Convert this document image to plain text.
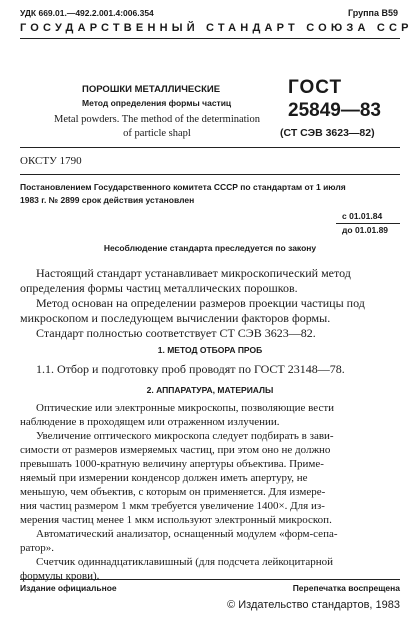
УДК 669.01.—492.2.001.4:006.354	Группа В59
ГОСУДАРСТВЕННЫЙ СТАНДАРТ СОЮЗА ССР
ПОРОШКИ МЕТАЛЛИЧЕСКИЕ
Метод определения формы частиц
Metal powders. The method of the determination
of particle shapl
ГОСТ
25849—83
(СТ СЭВ 3623—82)
ОКСТУ 1790
Постановлением Государственного комитета СССР по стандартам от 1 июля
1983 г. № 2899 срок действия установлен
с 01.01.84
до 01.01.89
Несоблюдение стандарта преследуется по закону

Настоящий стандарт устанавливает микроскопический метод
определения формы частиц металлических порошков.

Метод основан на определении размеров проекции частицы под
микроскопом и последующем вычислении факторов формы.

Стандарт полностью соответствует СТ СЭВ 3623—82.

1. МЕТОД ОТБОРА ПРОБ
1.1. Отбор и подготовку проб проводят по ГОСТ 23148—78.
2. АППАРАТУРА, МАТЕРИАЛЫ

Оптические или электронные микроскопы, позволяющие вести
наблюдение в проходящем или отраженном излучении.

Увеличение оптического микроскопа следует подбирать в зави-
симости от размеров измеряемых частиц, при этом оно не должно
превышать 1000-кратную величину апертуры объектива. Приме-
няемый при измерении конденсор должен иметь апертуру, не
меньшую, чем объектив, с которым он применяется. Для измере-
ния частиц размером 1 мкм требуется увеличение 1400×. Для из-
мерения частиц менее 1 мкм используют электронный микроскоп.

Автоматический анализатор, оснащенный модулем «форм-сепа-
ратор».

Счетчик одиннадцатиклавишный (для подсчета лейкоцитарной
формулы крови).

Издание официальное	Перепечатка воспрещена
© Издательство стандартов, 1983
